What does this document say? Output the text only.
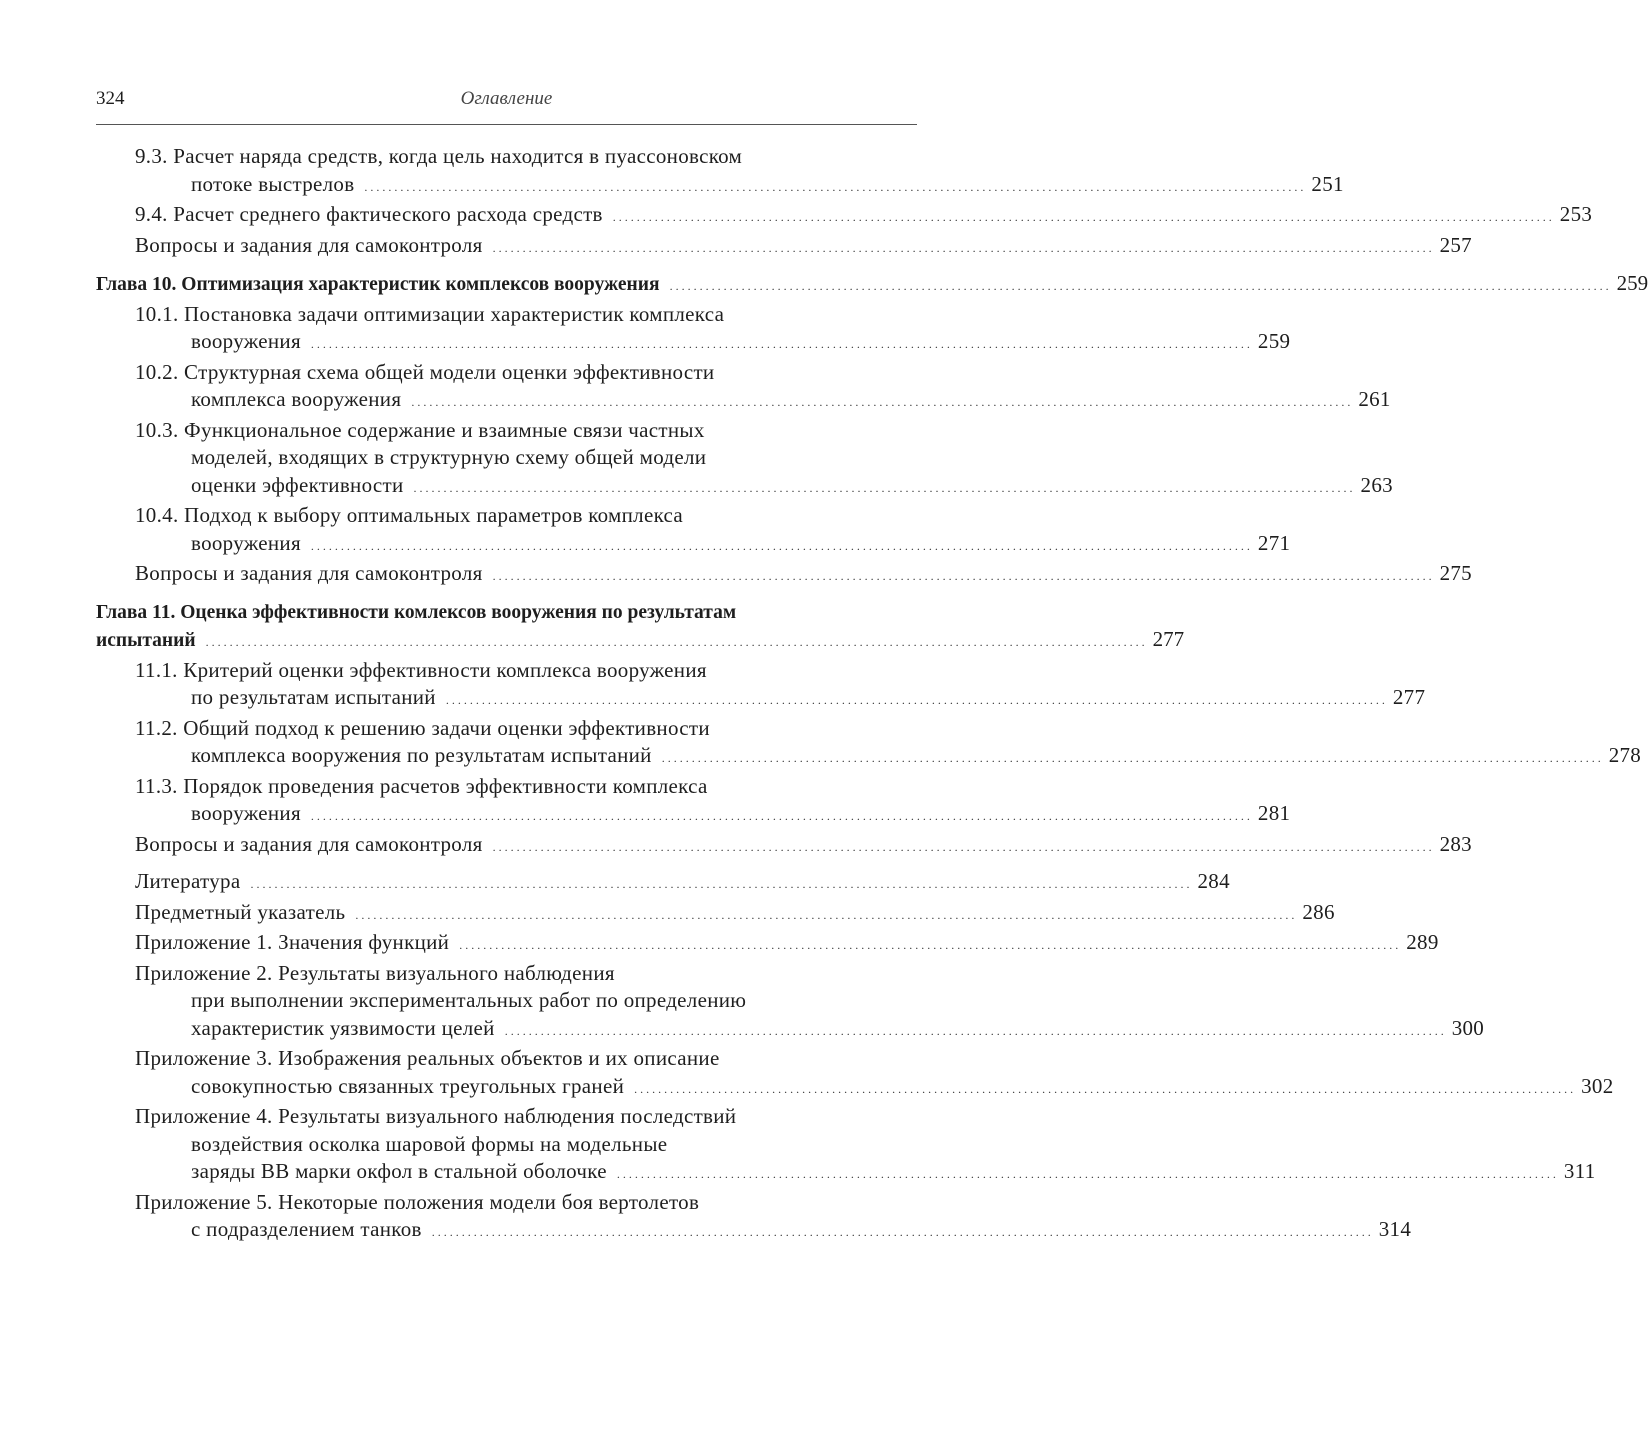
324	Оглавление
9.3. Расчет наряда средств, когда цель находится в пуассоновском
потоке выстрелов . . .	251
9.4. Расчет среднего фактического расхода средств . . .	253
Вопросы и задания для самоконтроля . . .	257
Глава 10. Оптимизация характеристик комплексов вооружения . . .	259
10.1. Постановка задачи оптимизации характеристик комплекса
вооружения . . .	259
10.2. Структурная схема общей модели оценки эффективности
комплекса вооружения . . .	261
10.3. Функциональное содержание и взаимные связи частных
моделей, входящих в структурную схему общей модели
оценки эффективности . . .	263
10.4. Подход к выбору оптимальных параметров комплекса
вооружения . . .	271
Вопросы и задания для самоконтроля . . .	275
Глава 11. Оценка эффективности комлексов вооружения по результатам
испытаний . . .	277
11.1. Критерий оценки эффективности комплекса вооружения
по результатам испытаний . . .	277
11.2. Общий подход к решению задачи оценки эффективности
комплекса вооружения по результатам испытаний . . .	278
11.3. Порядок проведения расчетов эффективности комплекса
вооружения . . .	281
Вопросы и задания для самоконтроля . . .	283
Литература . . .	284
Предметный указатель . . .	286
Приложение 1. Значения функций . . .	289
Приложение 2. Результаты визуального наблюдения
при выполнении экспериментальных работ по определению
характеристик уязвимости целей . . .	300
Приложение 3. Изображения реальных объектов и их описание
совокупностью связанных треугольных граней . . .	302
Приложение 4. Результаты визуального наблюдения последствий
воздействия осколка шаровой формы на модельные
заряды ВВ марки окфол в стальной оболочке . . .	311
Приложение 5. Некоторые положения модели боя вертолетов
с подразделением танков . . .	314
